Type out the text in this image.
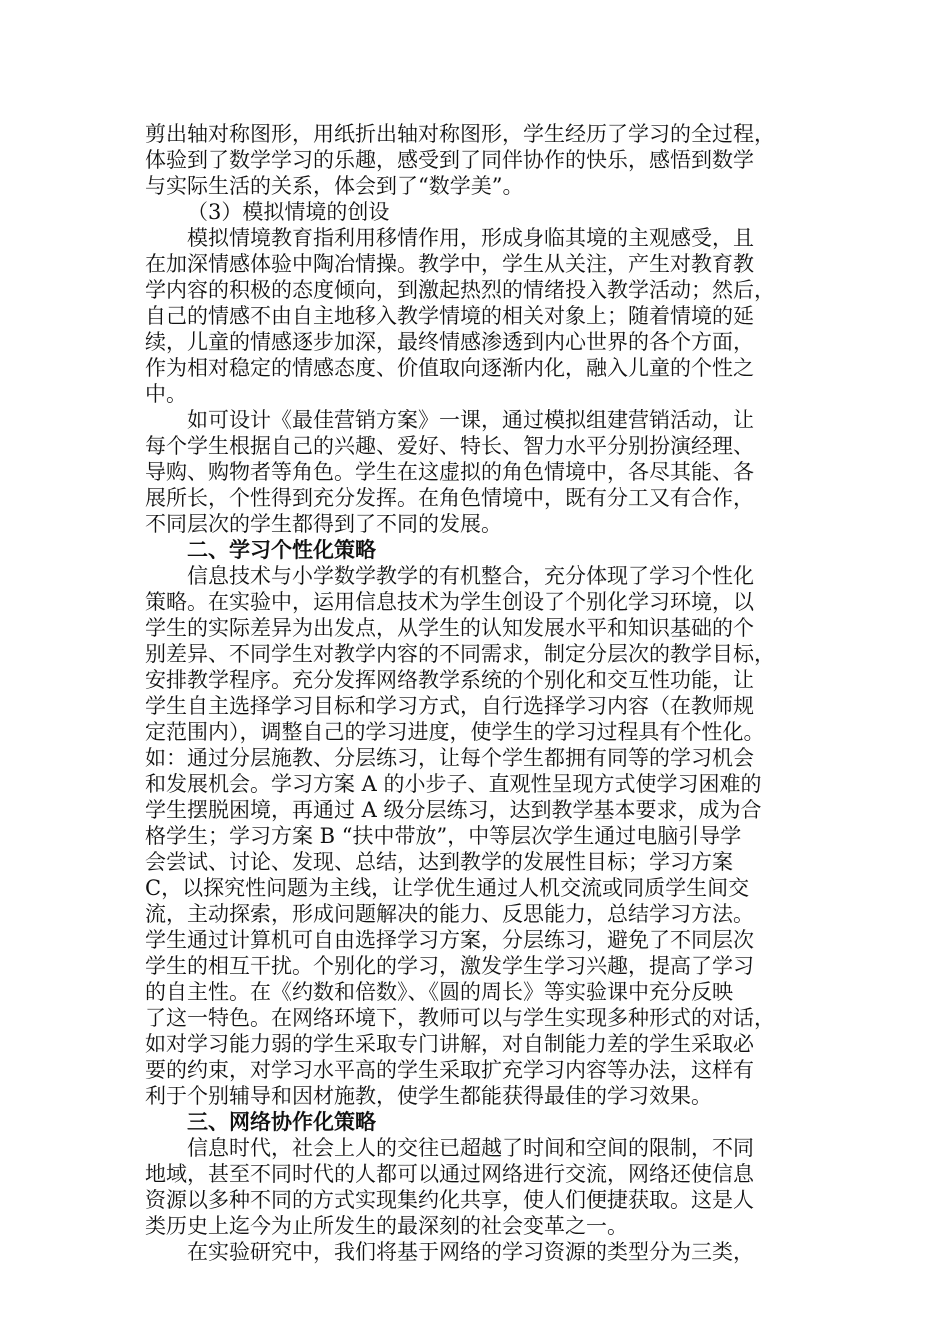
剪出轴对称图形，用纸折出轴对称图形，学生经历了学习的全过程，
体验到了数学学习的乐趣，感受到了同伴协作的快乐，感悟到数学
与实际生活的关系，体会到了“数学美”。
（3）模拟情境的创设
模拟情境教育指利用移情作用，形成身临其境的主观感受，且
在加深情感体验中陶冶情操。教学中，学生从关注，产生对教育教
学内容的积极的态度倾向，到激起热烈的情绪投入教学活动；然后，
自己的情感不由自主地移入教学情境的相关对象上；随着情境的延
续，儿童的情感逐步加深，最终情感渗透到内心世界的各个方面，
作为相对稳定的情感态度、价值取向逐渐内化，融入儿童的个性之
中。
如可设计《最佳营销方案》一课，通过模拟组建营销活动，让
每个学生根据自己的兴趣、爱好、特长、智力水平分别扮演经理、
导购、购物者等角色。学生在这虚拟的角色情境中，各尽其能、各
展所长，个性得到充分发挥。在角色情境中，既有分工又有合作，
不同层次的学生都得到了不同的发展。
二、学习个性化策略
信息技术与小学数学教学的有机整合，充分体现了学习个性化
策略。在实验中，运用信息技术为学生创设了个别化学习环境，以
学生的实际差异为出发点，从学生的认知发展水平和知识基础的个
别差异、不同学生对教学内容的不同需求，制定分层次的教学目标，
安排教学程序。充分发挥网络教学系统的个别化和交互性功能，让
学生自主选择学习目标和学习方式，自行选择学习内容（在教师规
定范围内），调整自己的学习进度，使学生的学习过程具有个性化。
如：通过分层施教、分层练习，让每个学生都拥有同等的学习机会
和发展机会。学习方案 A 的小步子、直观性呈现方式使学习困难的
学生摆脱困境，再通过 A 级分层练习，达到教学基本要求，成为合
格学生；学习方案 B “扶中带放”，中等层次学生通过电脑引导学
会尝试、讨论、发现、总结，达到教学的发展性目标；学习方案
C，以探究性问题为主线，让学优生通过人机交流或同质学生间交
流，主动探索，形成问题解决的能力、反思能力，总结学习方法。
学生通过计算机可自由选择学习方案，分层练习，避免了不同层次
学生的相互干扰。个别化的学习，激发学生学习兴趣，提高了学习
的自主性。在《约数和倍数》、《圆的周长》等实验课中充分反映
了这一特色。在网络环境下，教师可以与学生实现多种形式的对话，
如对学习能力弱的学生采取专门讲解，对自制能力差的学生采取必
要的约束，对学习水平高的学生采取扩充学习内容等办法，这样有
利于个别辅导和因材施教，使学生都能获得最佳的学习效果。
三、网络协作化策略
信息时代，社会上人的交往已超越了时间和空间的限制，不同
地域，甚至不同时代的人都可以通过网络进行交流，网络还使信息
资源以多种不同的方式实现集约化共享，使人们便捷获取。这是人
类历史上迄今为止所发生的最深刻的社会变革之一。
在实验研究中，我们将基于网络的学习资源的类型分为三类，
